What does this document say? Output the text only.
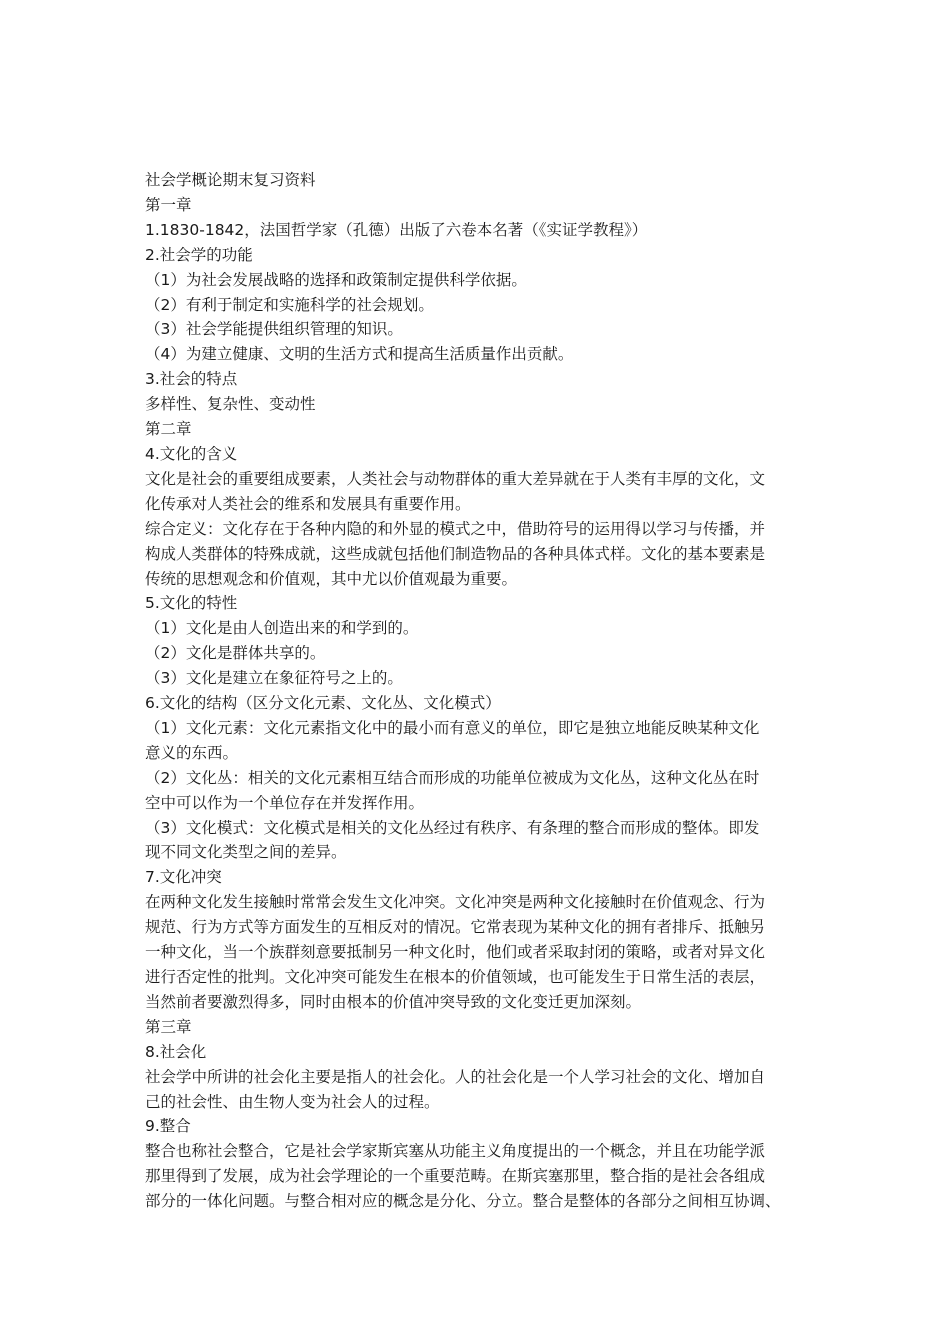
社会学概论期末复习资料
第一章
1.1830-1842，法国哲学家（孔德）出版了六卷本名著（《实证学教程》）
2.社会学的功能
（1）为社会发展战略的选择和政策制定提供科学依据。
（2）有利于制定和实施科学的社会规划。
（3）社会学能提供组织管理的知识。
（4）为建立健康、文明的生活方式和提高生活质量作出贡献。
3.社会的特点
多样性、复杂性、变动性
第二章
4.文化的含义
文化是社会的重要组成要素，人类社会与动物群体的重大差异就在于人类有丰厚的文化，文
化传承对人类社会的维系和发展具有重要作用。
综合定义：文化存在于各种内隐的和外显的模式之中，借助符号的运用得以学习与传播，并
构成人类群体的特殊成就，这些成就包括他们制造物品的各种具体式样。文化的基本要素是
传统的思想观念和价值观，其中尤以价值观最为重要。
5.文化的特性
（1）文化是由人创造出来的和学到的。
（2）文化是群体共享的。
（3）文化是建立在象征符号之上的。
6.文化的结构（区分文化元素、文化丛、文化模式）
（1）文化元素：文化元素指文化中的最小而有意义的单位，即它是独立地能反映某种文化
意义的东西。
（2）文化丛：相关的文化元素相互结合而形成的功能单位被成为文化丛，这种文化丛在时
空中可以作为一个单位存在并发挥作用。
（3）文化模式：文化模式是相关的文化丛经过有秩序、有条理的整合而形成的整体。即发
现不同文化类型之间的差异。
7.文化冲突
在两种文化发生接触时常常会发生文化冲突。文化冲突是两种文化接触时在价值观念、行为
规范、行为方式等方面发生的互相反对的情况。它常表现为某种文化的拥有者排斥、抵触另
一种文化，当一个族群刻意要抵制另一种文化时，他们或者采取封闭的策略，或者对异文化
进行否定性的批判。文化冲突可能发生在根本的价值领域，也可能发生于日常生活的表层，
当然前者要激烈得多，同时由根本的价值冲突导致的文化变迁更加深刻。
第三章
8.社会化
社会学中所讲的社会化主要是指人的社会化。人的社会化是一个人学习社会的文化、增加自
己的社会性、由生物人变为社会人的过程。
9.整合
整合也称社会整合，它是社会学家斯宾塞从功能主义角度提出的一个概念，并且在功能学派
那里得到了发展，成为社会学理论的一个重要范畴。在斯宾塞那里，整合指的是社会各组成
部分的一体化问题。与整合相对应的概念是分化、分立。整合是整体的各部分之间相互协调、
